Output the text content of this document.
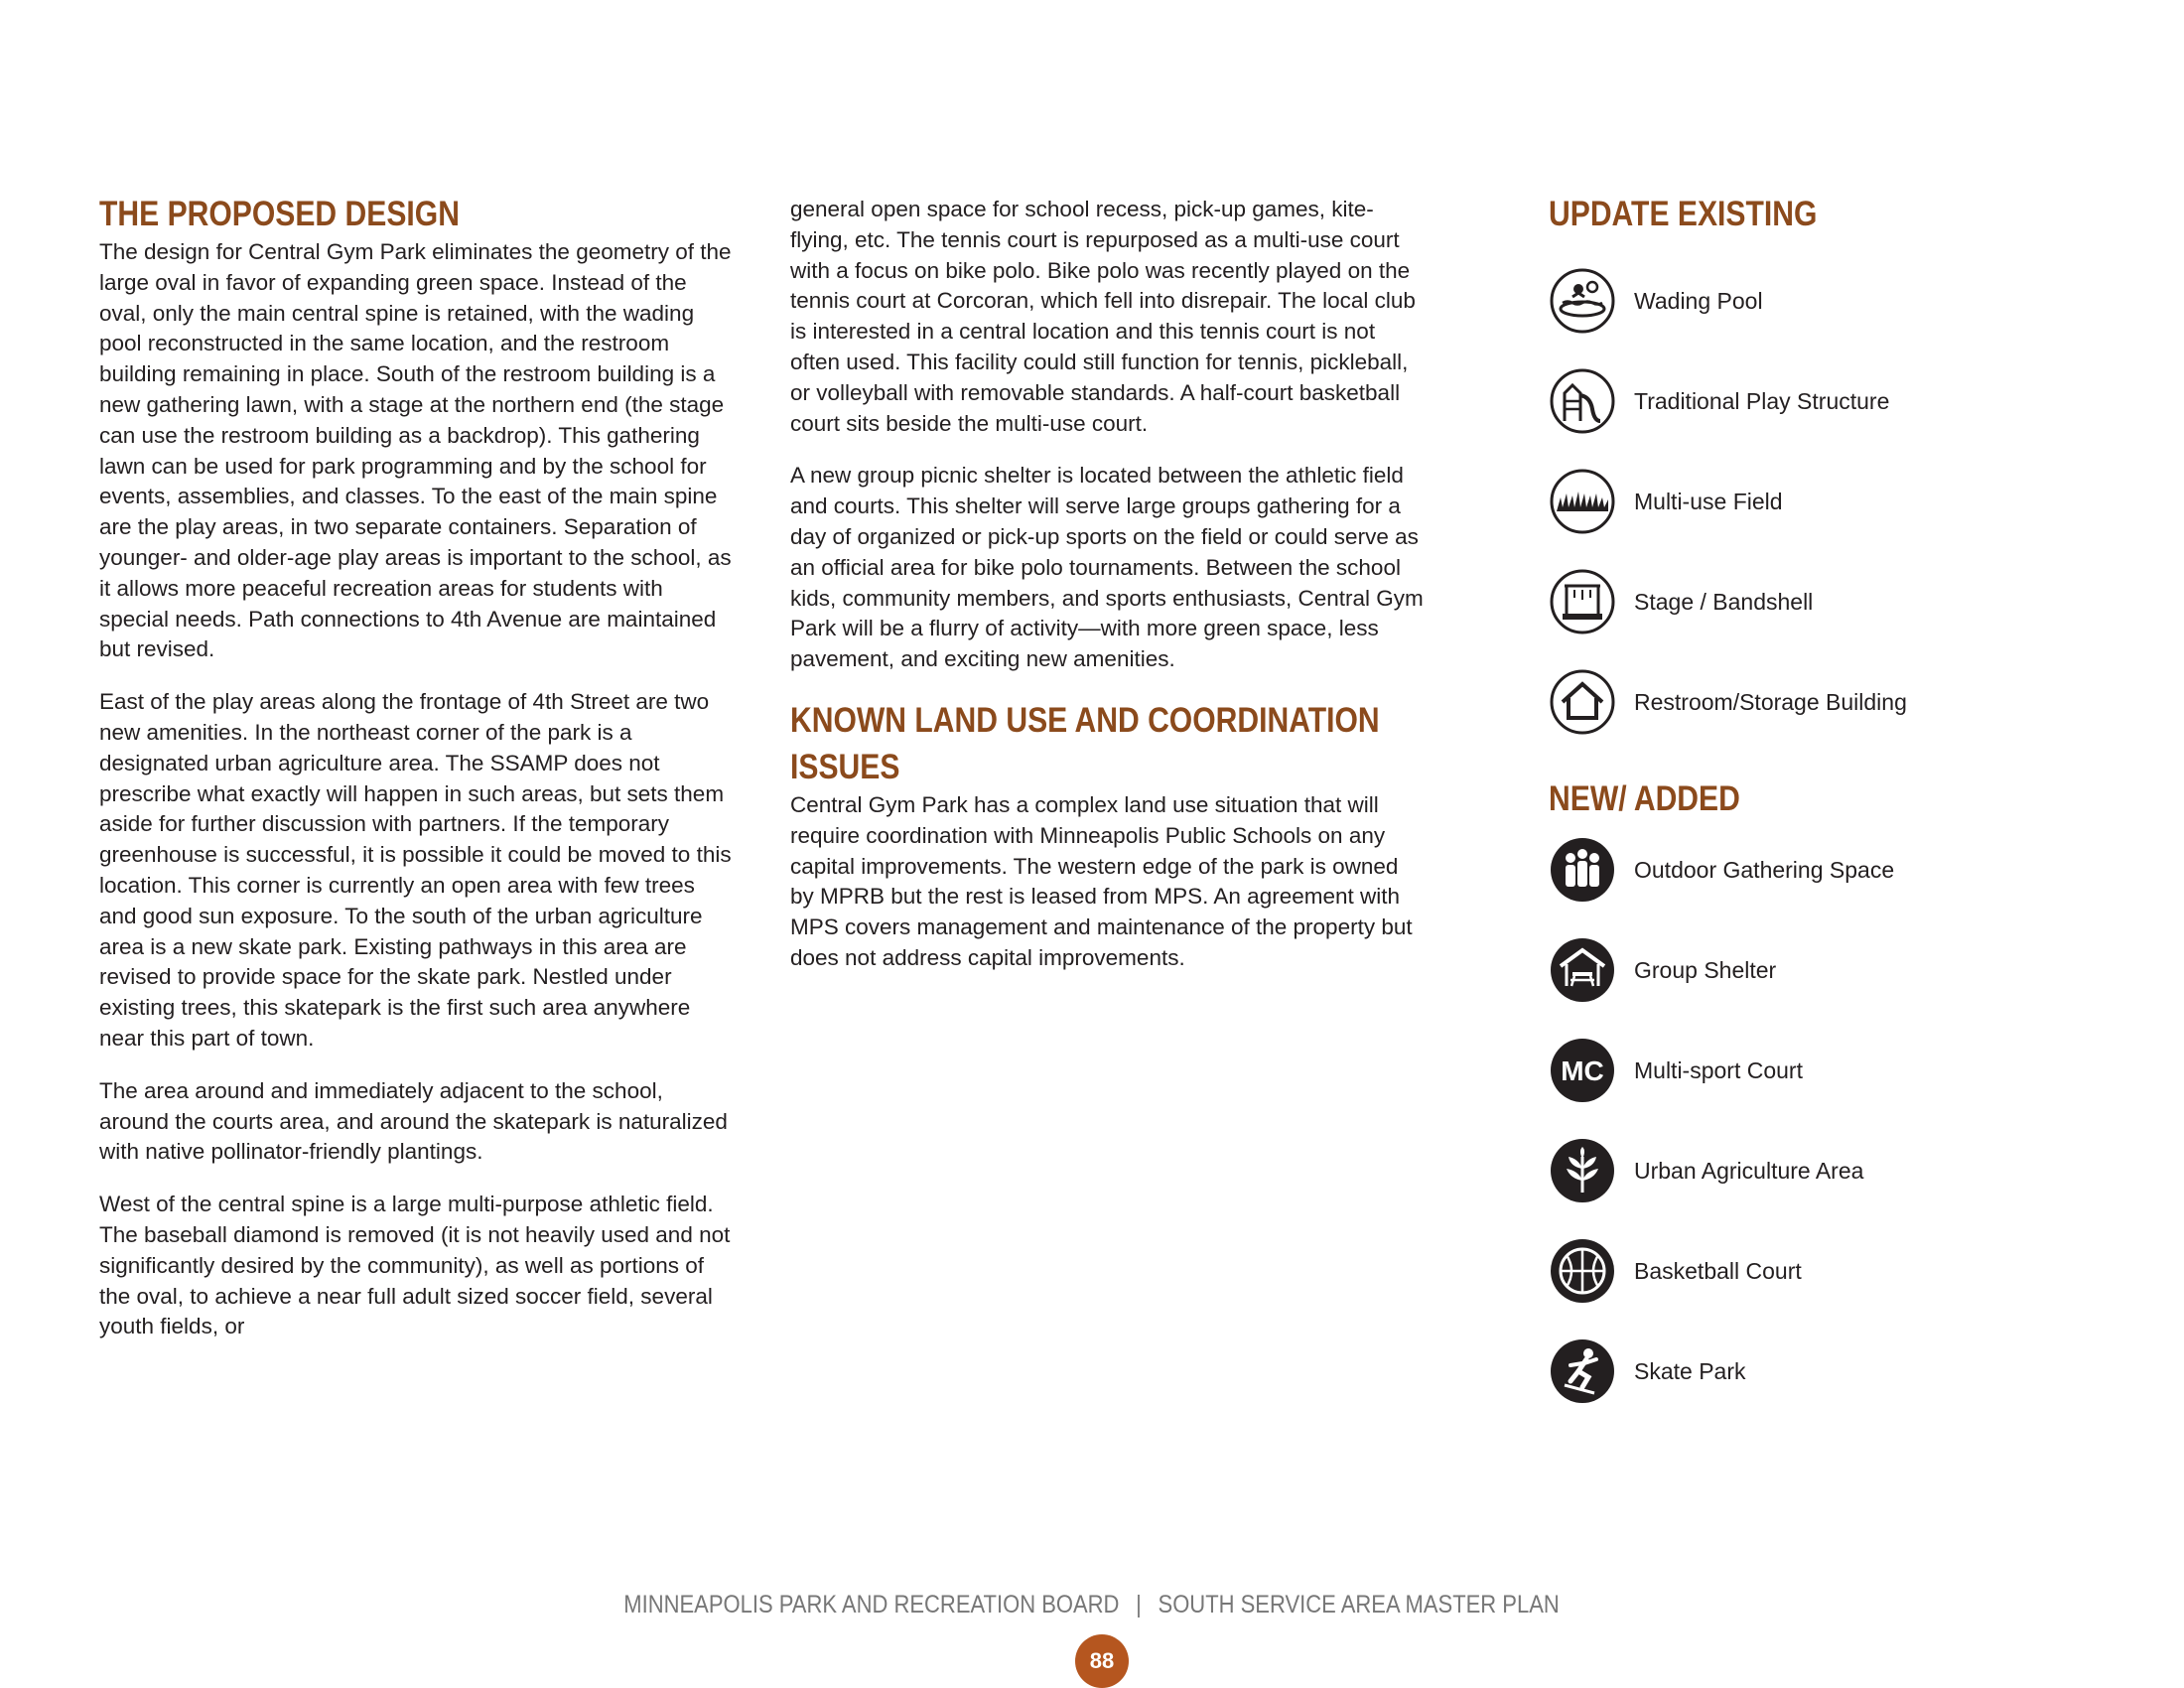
THE PROPOSED DESIGN

The design for Central Gym Park eliminates the geometry of the large oval in favor of expanding green space. Instead of the oval, only the main central spine is retained, with the wading pool reconstructed in the same location, and the restroom building remaining in place. South of the restroom building is a new gathering lawn, with a stage at the northern end (the stage can use the restroom building as a backdrop). This gathering lawn can be used for park programming and by the school for events, assemblies, and classes. To the east of the main spine are the play areas, in two separate containers. Separation of younger- and older-age play areas is important to the school, as it allows more peaceful recreation areas for students with special needs. Path connections to 4th Avenue are maintained but revised.

East of the play areas along the frontage of 4th Street are two new amenities. In the northeast corner of the park is a designated urban agriculture area. The SSAMP does not prescribe what exactly will happen in such areas, but sets them aside for further discussion with partners. If the temporary greenhouse is successful, it is possible it could be moved to this location. This corner is currently an open area with few trees and good sun exposure. To the south of the urban agriculture area is a new skate park. Existing pathways in this area are revised to provide space for the skate park. Nestled under existing trees, this skatepark is the first such area anywhere near this part of town.

The area around and immediately adjacent to the school, around the courts area, and around the skatepark is naturalized with native pollinator-friendly plantings.

West of the central spine is a large multi-purpose athletic field. The baseball diamond is removed (it is not heavily used and not significantly desired by the community), as well as portions of the oval, to achieve a near full adult sized soccer field, several youth fields, or

general open space for school recess, pick-up games, kite-flying, etc. The tennis court is repurposed as a multi-use court with a focus on bike polo. Bike polo was recently played on the tennis court at Corcoran, which fell into disrepair. The local club is interested in a central location and this tennis court is not often used. This facility could still function for tennis, pickleball, or volleyball with removable standards. A half-court basketball court sits beside the multi-use court.

A new group picnic shelter is located between the athletic field and courts. This shelter will serve large groups gathering for a day of organized or pick-up sports on the field or could serve as an official area for bike polo tournaments. Between the school kids, community members, and sports enthusiasts, Central Gym Park will be a flurry of activity—with more green space, less pavement, and exciting new amenities.

KNOWN LAND USE AND COORDINATION ISSUES

Central Gym Park has a complex land use situation that will require coordination with Minneapolis Public Schools on any capital improvements. The western edge of the park is owned by MPRB but the rest is leased from MPS. An agreement with MPS covers management and maintenance of the property but does not address capital improvements.

UPDATE EXISTING
Wading Pool
Traditional Play Structure
Multi-use Field
Stage / Bandshell
Restroom/Storage Building
NEW/ ADDED
Outdoor Gathering Space
Group Shelter
MC Multi-sport Court
Urban Agriculture Area
Basketball Court
Skate Park
MINNEAPOLIS PARK AND RECREATION BOARD | SOUTH SERVICE AREA MASTER PLAN
88
